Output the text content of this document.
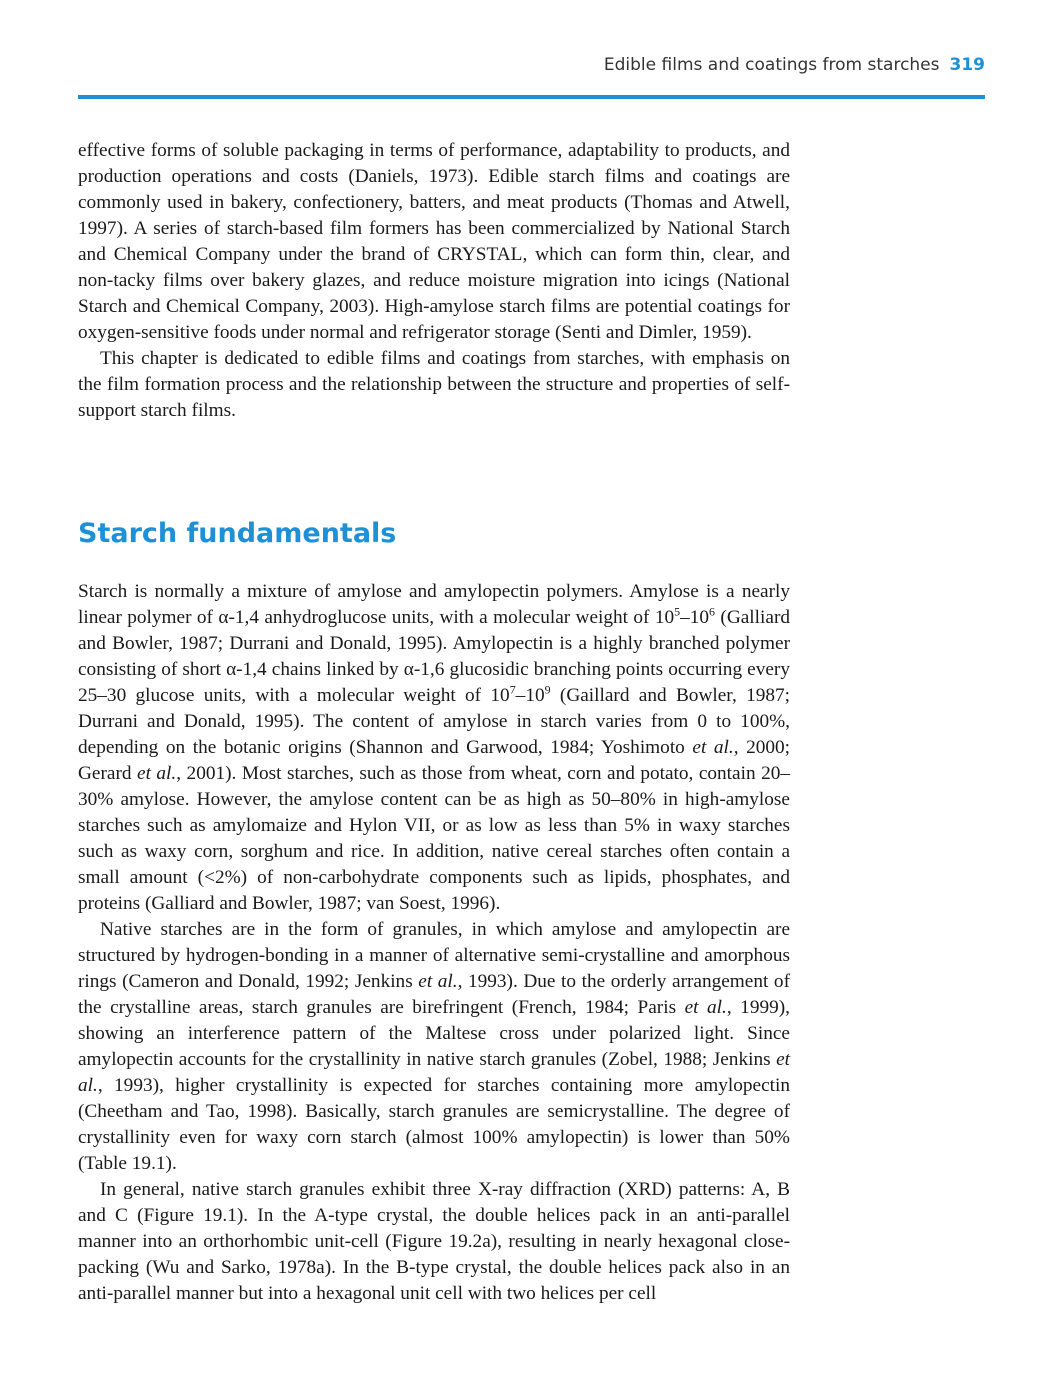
Edible films and coatings from starches 319

effective forms of soluble packaging in terms of performance, adaptability to products, and production operations and costs (Daniels, 1973). Edible starch films and coatings are commonly used in bakery, confectionery, batters, and meat products (Thomas and Atwell, 1997). A series of starch-based film formers has been commercialized by National Starch and Chemical Company under the brand of CRYSTAL, which can form thin, clear, and non-tacky films over bakery glazes, and reduce moisture migration into icings (National Starch and Chemical Company, 2003). High-amylose starch films are potential coatings for oxygen-sensitive foods under normal and refrigerator storage (Senti and Dimler, 1959).

This chapter is dedicated to edible films and coatings from starches, with emphasis on the film formation process and the relationship between the structure and properties of self-support starch films.

Starch fundamentals

Starch is normally a mixture of amylose and amylopectin polymers. Amylose is a nearly linear polymer of α-1,4 anhydroglucose units, with a molecular weight of $10^5-10^6$ (Galliard and Bowler, 1987; Durrani and Donald, 1995). Amylopectin is a highly branched polymer consisting of short α-1,4 chains linked by α-1,6 glucosidic branching points occurring every 25–30 glucose units, with a molecular weight of $10^7-10^9$ (Gaillard and Bowler, 1987; Durrani and Donald, 1995). The content of amylose in starch varies from 0 to 100%, depending on the botanic origins (Shannon and Garwood, 1984; Yoshimoto et al., 2000; Gerard et al., 2001). Most starches, such as those from wheat, corn and potato, contain 20–30% amylose. However, the amylose content can be as high as 50–80% in high-amylose starches such as amylomaize and Hylon VII, or as low as less than 5% in waxy starches such as waxy corn, sorghum and rice. In addition, native cereal starches often contain a small amount (<2%) of non-carbohydrate components such as lipids, phosphates, and proteins (Galliard and Bowler, 1987; van Soest, 1996).

Native starches are in the form of granules, in which amylose and amylopectin are structured by hydrogen-bonding in a manner of alternative semi-crystalline and amorphous rings (Cameron and Donald, 1992; Jenkins et al., 1993). Due to the orderly arrangement of the crystalline areas, starch granules are birefringent (French, 1984; Paris et al., 1999), showing an interference pattern of the Maltese cross under polarized light. Since amylopectin accounts for the crystallinity in native starch granules (Zobel, 1988; Jenkins et al., 1993), higher crystallinity is expected for starches containing more amylopectin (Cheetham and Tao, 1998). Basically, starch granules are semicrystalline. The degree of crystallinity even for waxy corn starch (almost 100% amylopectin) is lower than 50% (Table 19.1).

In general, native starch granules exhibit three X-ray diffraction (XRD) patterns: A, B and C (Figure 19.1). In the A-type crystal, the double helices pack in an anti-parallel manner into an orthorhombic unit-cell (Figure 19.2a), resulting in nearly hexagonal close-packing (Wu and Sarko, 1978a). In the B-type crystal, the double helices pack also in an anti-parallel manner but into a hexagonal unit cell with two helices per cell
